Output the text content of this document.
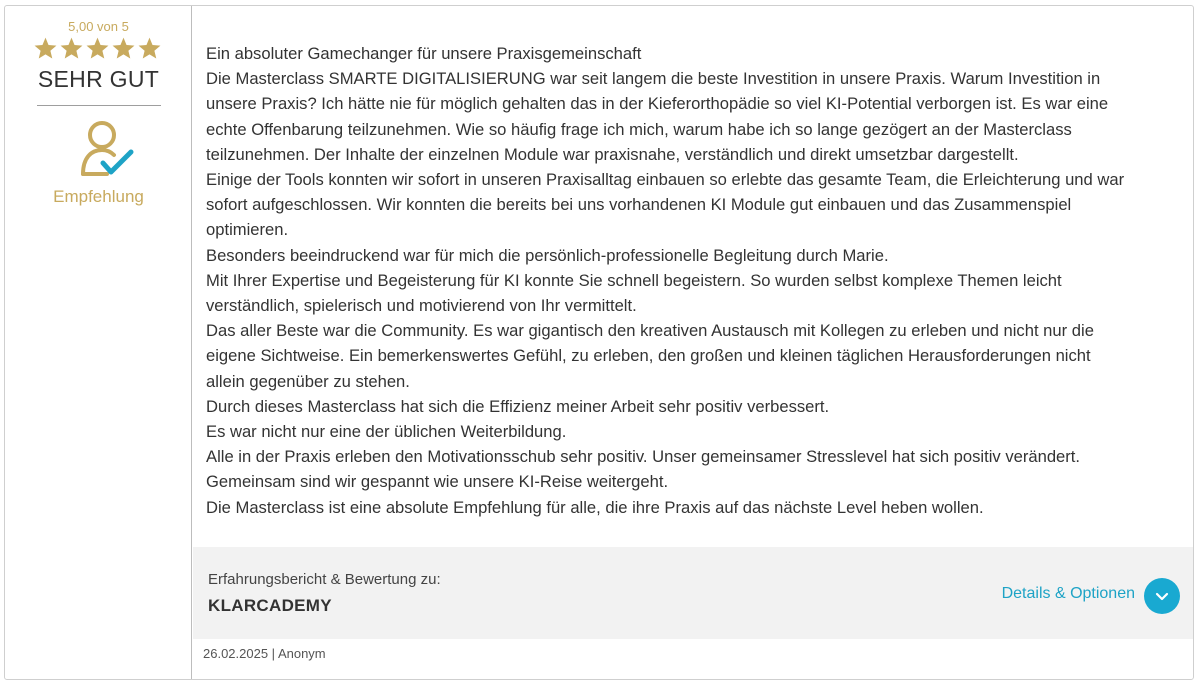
5,00 von 5
SEHR GUT
Empfehlung

Ein absoluter Gamechanger für unsere Praxisgemeinschaft

Die Masterclass SMARTE DIGITALISIERUNG war seit langem die beste Investition in unsere Praxis. Warum Investition in

unsere Praxis? Ich hätte nie für möglich gehalten das in der Kieferorthopädie so viel KI-Potential verborgen ist. Es war eine

echte Offenbarung teilzunehmen. Wie so häufig frage ich mich, warum habe ich so lange gezögert an der Masterclass

teilzunehmen. Der Inhalte der einzelnen Module war praxisnahe, verständlich und direkt umsetzbar dargestellt.

Einige der Tools konnten wir sofort in unseren Praxisalltag einbauen so erlebte das gesamte Team, die Erleichterung und war

sofort aufgeschlossen. Wir konnten die bereits bei uns vorhandenen KI Module gut einbauen und das Zusammenspiel

optimieren.

Besonders beeindruckend war für mich die persönlich-professionelle Begleitung durch Marie.

Mit Ihrer Expertise und Begeisterung für KI konnte Sie schnell begeistern. So wurden selbst komplexe Themen leicht

verständlich, spielerisch und motivierend von Ihr vermittelt.

Das aller Beste war die Community. Es war gigantisch den kreativen Austausch mit Kollegen zu erleben und nicht nur die

eigene Sichtweise. Ein bemerkenswertes Gefühl, zu erleben, den großen und kleinen täglichen Herausforderungen nicht

allein gegenüber zu stehen.

Durch dieses Masterclass hat sich die Effizienz meiner Arbeit sehr positiv verbessert.

Es war nicht nur eine der üblichen Weiterbildung.

Alle in der Praxis erleben den Motivationsschub sehr positiv. Unser gemeinsamer Stresslevel hat sich positiv verändert.

Gemeinsam sind wir gespannt wie unsere KI-Reise weitergeht.

Die Masterclass ist eine absolute Empfehlung für alle, die ihre Praxis auf das nächste Level heben wollen.

Erfahrungsbericht & Bewertung zu:
KLARCADEMY
Details & Optionen
26.02.2025 | Anonym
